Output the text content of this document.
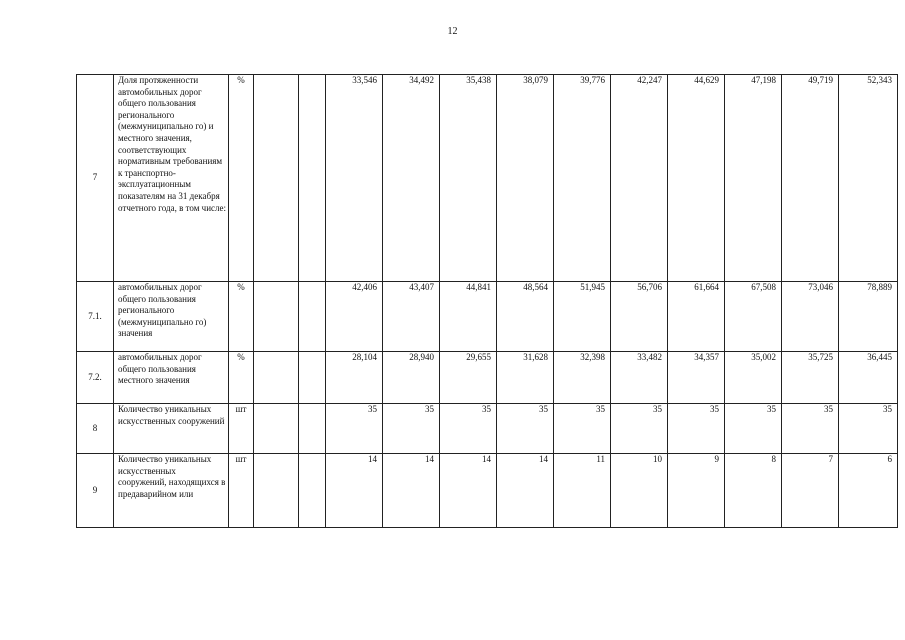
12
7	Доля протяженности автомобильных дорог общего пользования регионального (межмуниципально го) и местного значения, соответствующих нормативным требованиям к транспортно-эксплуатационным показателям на 31 декабря отчетного года, в том числе:	%			33,546	34,492	35,438	38,079	39,776	42,247	44,629	47,198	49,719	52,343
7.1.	автомобильных дорог общего пользования регионального (межмуниципально го) значения	%			42,406	43,407	44,841	48,564	51,945	56,706	61,664	67,508	73,046	78,889
7.2.	автомобильных дорог общего пользования местного значения	%			28,104	28,940	29,655	31,628	32,398	33,482	34,357	35,002	35,725	36,445
8	Количество уникальных искусственных сооружений	шт			35	35	35	35	35	35	35	35	35	35
9	Количество уникальных искусственных сооружений, находящихся в предаварийном или	шт			14	14	14	14	11	10	9	8	7	6
